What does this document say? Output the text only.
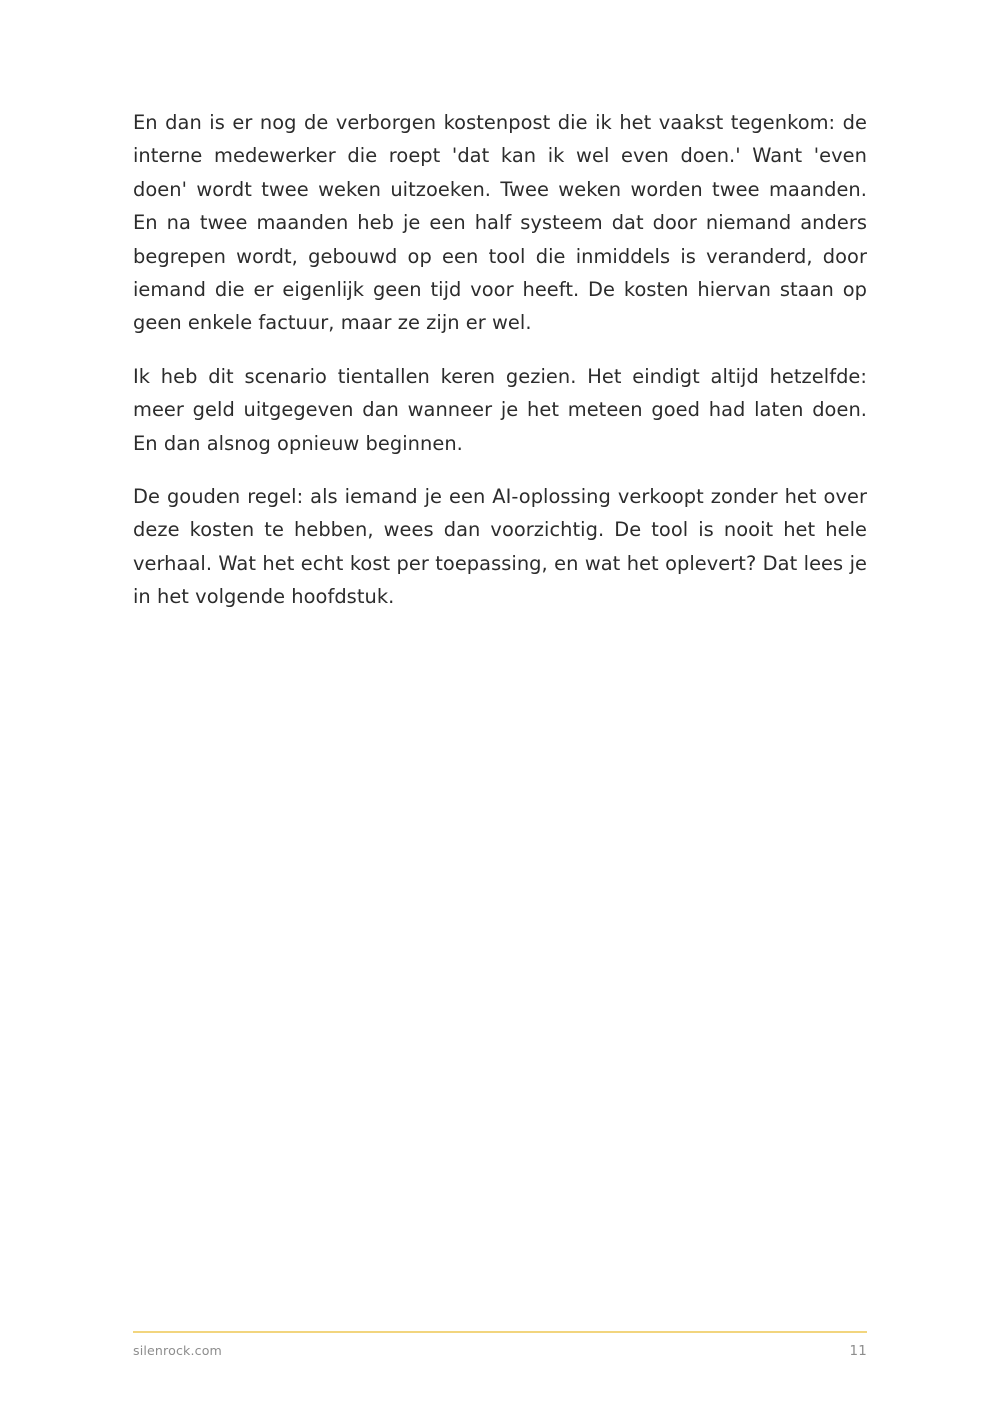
En dan is er nog de verborgen kostenpost die ik het vaakst tegenkom: de interne medewerker die roept 'dat kan ik wel even doen.' Want 'even doen' wordt twee weken uitzoeken. Twee weken worden twee maanden. En na twee maanden heb je een half systeem dat door niemand anders begrepen wordt, gebouwd op een tool die inmiddels is veranderd, door iemand die er eigenlijk geen tijd voor heeft. De kosten hiervan staan op geen enkele factuur, maar ze zijn er wel.

Ik heb dit scenario tientallen keren gezien. Het eindigt altijd hetzelfde: meer geld uitgegeven dan wanneer je het meteen goed had laten doen. En dan alsnog opnieuw beginnen.

De gouden regel: als iemand je een AI-oplossing verkoopt zonder het over deze kosten te hebben, wees dan voorzichtig. De tool is nooit het hele verhaal. Wat het echt kost per toepassing, en wat het oplevert? Dat lees je in het volgende hoofdstuk.

silenrock.com	11
